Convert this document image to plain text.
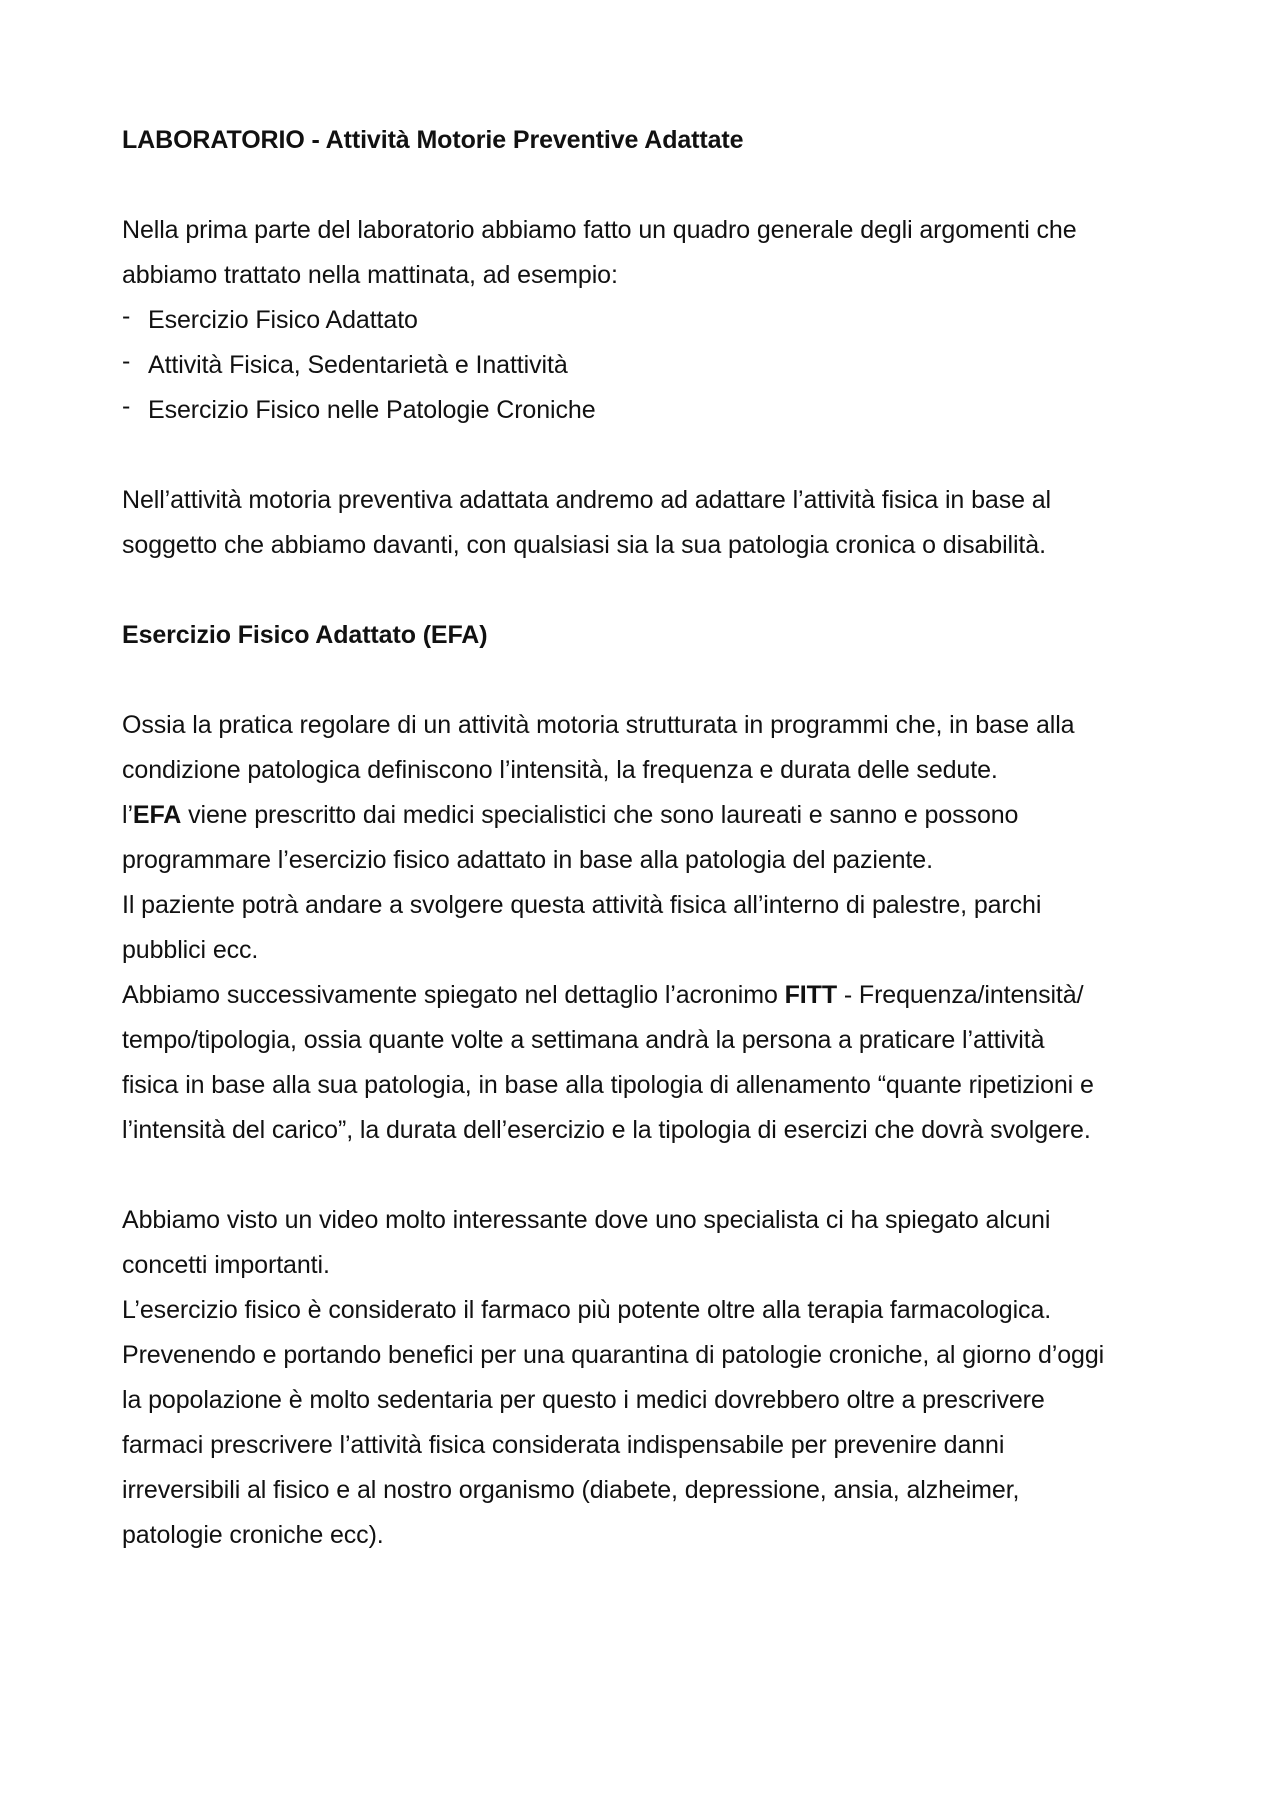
LABORATORIO - Attività Motorie Preventive Adattate
Nella prima parte del laboratorio abbiamo fatto un quadro generale degli argomenti che
abbiamo trattato nella mattinata, ad esempio:
- Esercizio Fisico Adattato
- Attività Fisica, Sedentarietà e Inattività
- Esercizio Fisico nelle Patologie Croniche
Nell’attività motoria preventiva adattata andremo ad adattare l’attività fisica in base al
soggetto che abbiamo davanti, con qualsiasi sia la sua patologia cronica o disabilità.
Esercizio Fisico Adattato (EFA)
Ossia la pratica regolare di un attività motoria strutturata in programmi che, in base alla
condizione patologica definiscono l’intensità, la frequenza e durata delle sedute.
l’EFA viene prescritto dai medici specialistici che sono laureati e sanno e possono
programmare l’esercizio fisico adattato in base alla patologia del paziente.
Il paziente potrà andare a svolgere questa attività fisica all’interno di palestre, parchi
pubblici ecc.
Abbiamo successivamente spiegato nel dettaglio l’acronimo FITT - Frequenza/intensità/
tempo/tipologia, ossia quante volte a settimana andrà la persona a praticare l’attività
fisica in base alla sua patologia, in base alla tipologia di allenamento “quante ripetizioni e
l’intensità del carico”, la durata dell’esercizio e la tipologia di esercizi che dovrà svolgere.
Abbiamo visto un video molto interessante dove uno specialista ci ha spiegato alcuni
concetti importanti.
L’esercizio fisico è considerato il farmaco più potente oltre alla terapia farmacologica.
Prevenendo e portando benefici per una quarantina di patologie croniche, al giorno d’oggi
la popolazione è molto sedentaria per questo i medici dovrebbero oltre a prescrivere
farmaci prescrivere l’attività fisica considerata indispensabile per prevenire danni
irreversibili al fisico e al nostro organismo (diabete, depressione, ansia, alzheimer,
patologie croniche ecc).
